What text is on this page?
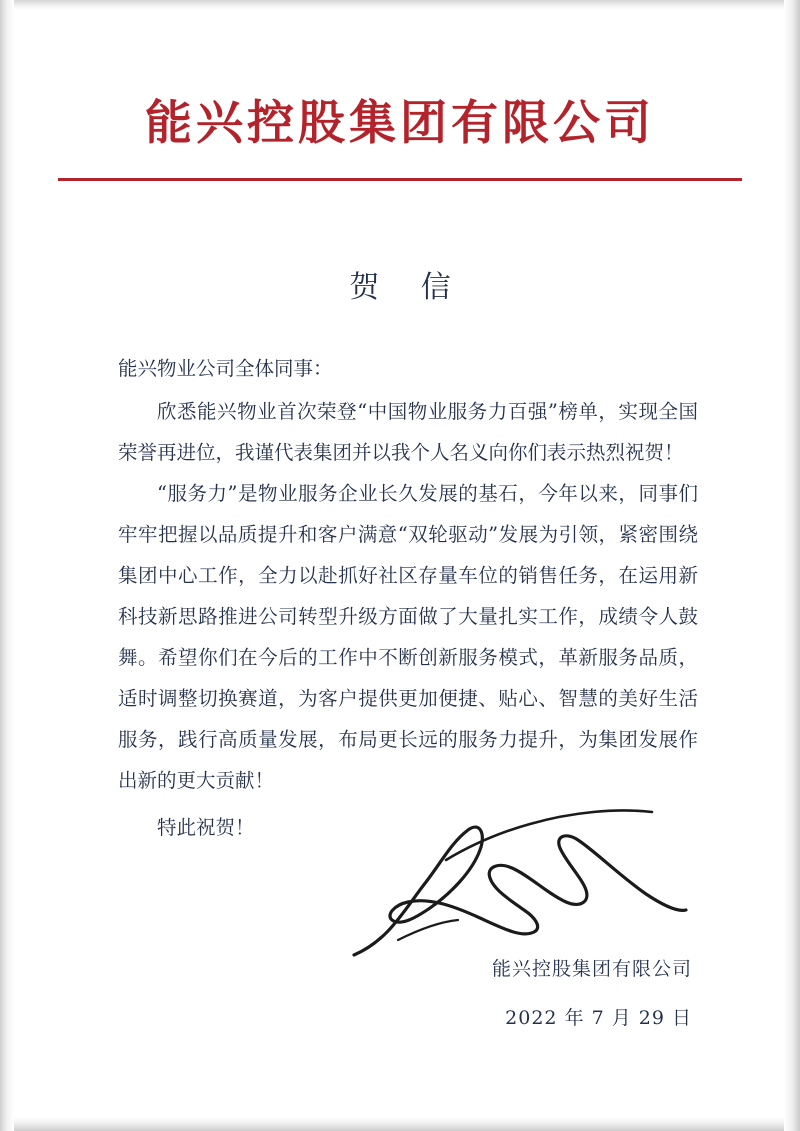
能兴控股集团有限公司
贺 信

能兴物业公司全体同事：

欣悉能兴物业首次荣登“中国物业服务力百强”榜单，实现全国荣誉再进位，我谨代表集团并以我个人名义向你们表示热烈祝贺！

“服务力”是物业服务企业长久发展的基石，今年以来，同事们牢牢把握以品质提升和客户满意“双轮驱动”发展为引领，紧密围绕集团中心工作，全力以赴抓好社区存量车位的销售任务，在运用新科技新思路推进公司转型升级方面做了大量扎实工作，成绩令人鼓舞。希望你们在今后的工作中不断创新服务模式，革新服务品质，适时调整切换赛道，为客户提供更加便捷、贴心、智慧的美好生活服务，践行高质量发展，布局更长远的服务力提升，为集团发展作出新的更大贡献！

特此祝贺！

能兴控股集团有限公司
2022 年 7 月 29 日
